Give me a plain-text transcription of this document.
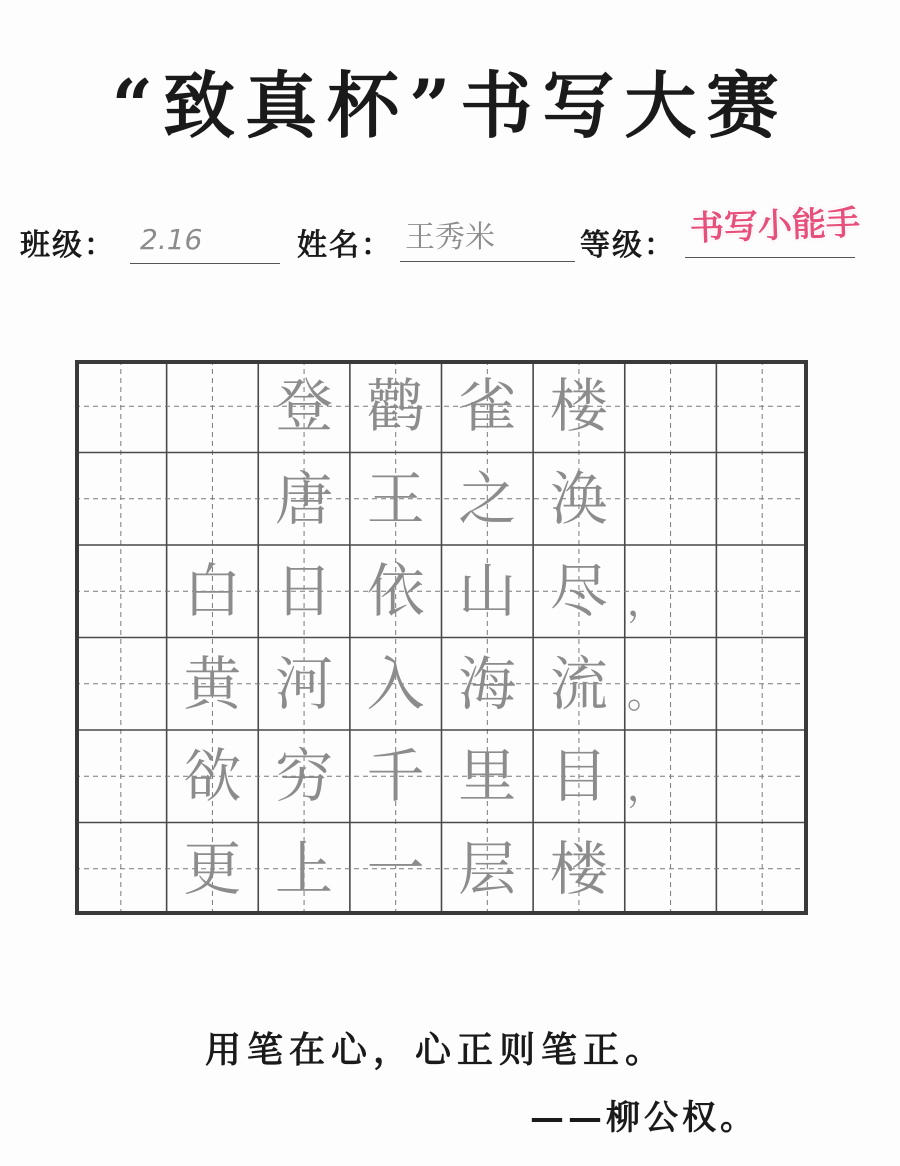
“致真杯”书写大赛
班级： 2.16	姓名： 王秀米	等级： 书写小能手
登 鹳 雀 楼
唐 王 之 涣
白 日 依 山 尽 ，
黄 河 入 海 流 。
欲 穷 千 里 目 ，
更 上 一 层 楼
用笔在心，心正则笔正。
——柳公权。
